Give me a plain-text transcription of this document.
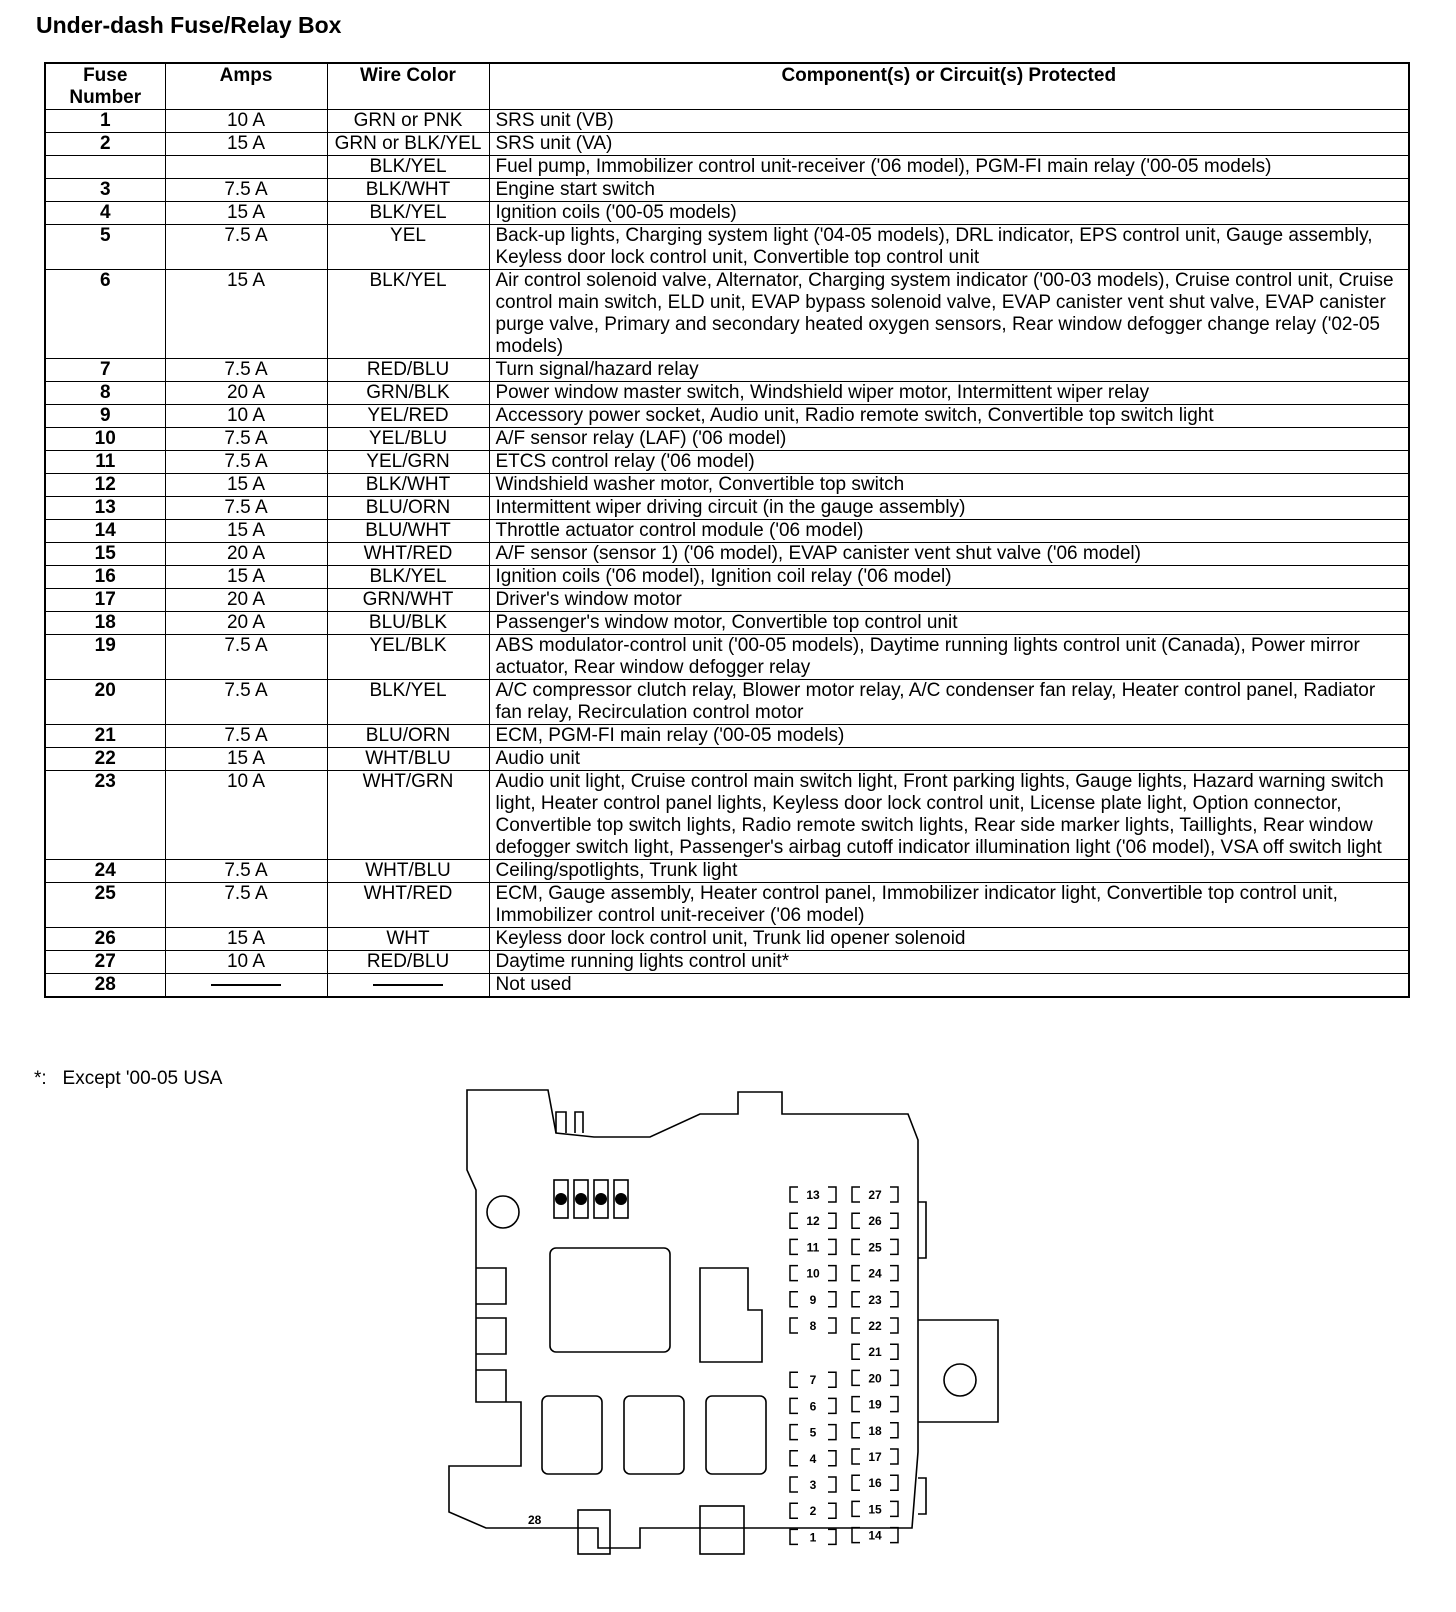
Under-dash Fuse/Relay Box
Fuse Number	Amps	Wire Color	Component(s) or Circuit(s) Protected
1	10 A	GRN or PNK	SRS unit (VB)
2	15 A	GRN or BLK/YEL	SRS unit (VA)
		BLK/YEL	Fuel pump, Immobilizer control unit-receiver ('06 model), PGM-FI main relay ('00-05 models)
3	7.5 A	BLK/WHT	Engine start switch
4	15 A	BLK/YEL	Ignition coils ('00-05 models)
5	7.5 A	YEL	Back-up lights, Charging system light ('04-05 models), DRL indicator, EPS control unit, Gauge assembly, Keyless door lock control unit, Convertible top control unit
6	15 A	BLK/YEL	Air control solenoid valve, Alternator, Charging system indicator ('00-03 models), Cruise control unit, Cruise control main switch, ELD unit, EVAP bypass solenoid valve, EVAP canister vent shut valve, EVAP canister purge valve, Primary and secondary heated oxygen sensors, Rear window defogger change relay ('02-05 models)
7	7.5 A	RED/BLU	Turn signal/hazard relay
8	20 A	GRN/BLK	Power window master switch, Windshield wiper motor, Intermittent wiper relay
9	10 A	YEL/RED	Accessory power socket, Audio unit, Radio remote switch, Convertible top switch light
10	7.5 A	YEL/BLU	A/F sensor relay (LAF) ('06 model)
11	7.5 A	YEL/GRN	ETCS control relay ('06 model)
12	15 A	BLK/WHT	Windshield washer motor, Convertible top switch
13	7.5 A	BLU/ORN	Intermittent wiper driving circuit (in the gauge assembly)
14	15 A	BLU/WHT	Throttle actuator control module ('06 model)
15	20 A	WHT/RED	A/F sensor (sensor 1) ('06 model), EVAP canister vent shut valve ('06 model)
16	15 A	BLK/YEL	Ignition coils ('06 model), Ignition coil relay ('06 model)
17	20 A	GRN/WHT	Driver's window motor
18	20 A	BLU/BLK	Passenger's window motor, Convertible top control unit
19	7.5 A	YEL/BLK	ABS modulator-control unit ('00-05 models), Daytime running lights control unit (Canada), Power mirror actuator, Rear window defogger relay
20	7.5 A	BLK/YEL	A/C compressor clutch relay, Blower motor relay, A/C condenser fan relay, Heater control panel, Radiator fan relay, Recirculation control motor
21	7.5 A	BLU/ORN	ECM, PGM-FI main relay ('00-05 models)
22	15 A	WHT/BLU	Audio unit
23	10 A	WHT/GRN	Audio unit light, Cruise control main switch light, Front parking lights, Gauge lights, Hazard warning switch light, Heater control panel lights, Keyless door lock control unit, License plate light, Option connector, Convertible top switch lights, Radio remote switch lights, Rear side marker lights, Taillights, Rear window defogger switch light, Passenger's airbag cutoff indicator illumination light ('06 model), VSA off switch light
24	7.5 A	WHT/BLU	Ceiling/spotlights, Trunk light
25	7.5 A	WHT/RED	ECM, Gauge assembly, Heater control panel, Immobilizer indicator light, Convertible top control unit, Immobilizer control unit-receiver ('06 model)
26	15 A	WHT	Keyless door lock control unit, Trunk lid opener solenoid
27	10 A	RED/BLU	Daytime running lights control unit*
28			Not used
*: Except '00-05 USA
28
13
12
11
10
9
8
7
6
5
4
3
2
1
27
26
25
24
23
22
21
20
19
18
17
16
15
14
